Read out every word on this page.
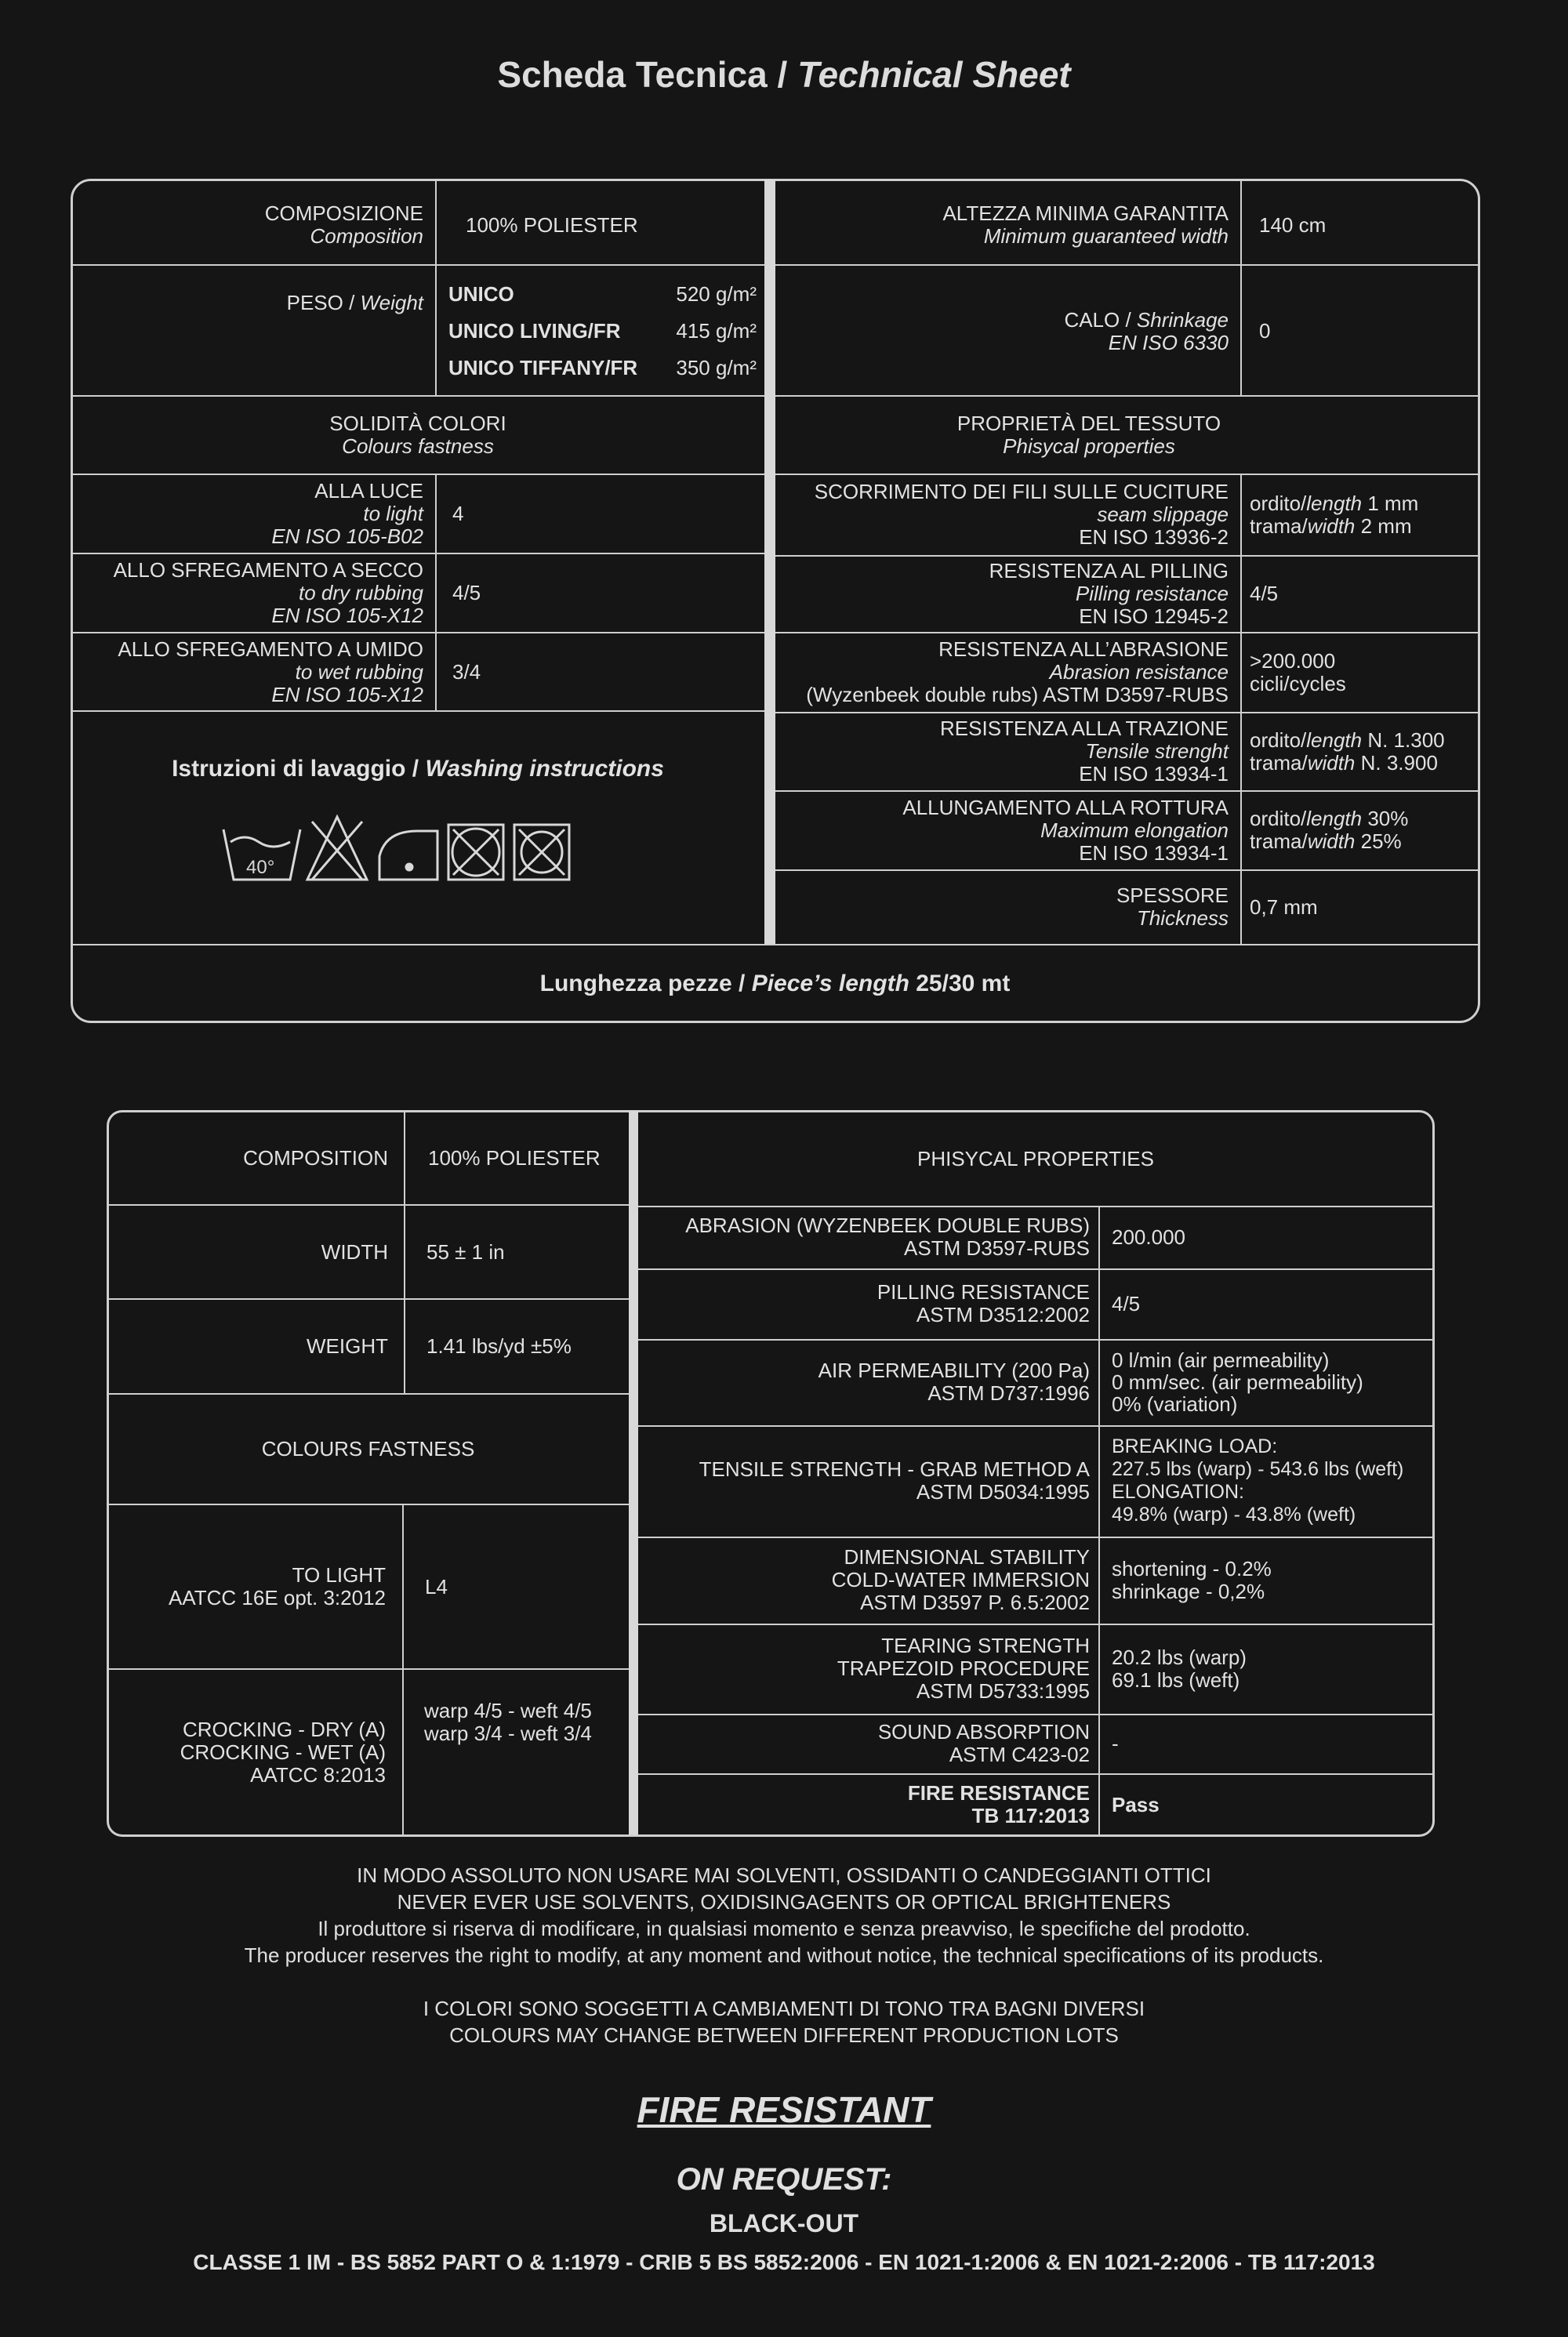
Scheda Tecnica / Technical Sheet
COMPOSIZIONE
Composition 100% POLIESTER
PESO / Weight UNICO	520 g/m²
UNICO LIVING/FR	415 g/m²
UNICO TIFFANY/FR 350 g/m²
SOLIDITÀ COLORI
Colours fastness
ALLA LUCE
to light
EN ISO 105-B02
4
ALLO SFREGAMENTO A SECCO
to dry rubbing
EN ISO 105-X12
4/5
ALLO SFREGAMENTO A UMIDO
to wet rubbing
EN ISO 105-X12
3/4
Istruzioni di lavaggio / Washing instructions
40°
ALTEZZA MINIMA GARANTITA
Minimum guaranteed width 140 cm
CALO / Shrinkage
EN ISO 6330 0
PROPRIETÀ DEL TESSUTO
Phisycal properties
SCORRIMENTO DEI FILI SULLE CUCITURE
seam slippage
EN ISO 13936-2
ordito/length 1 mm
trama/width 2 mm
RESISTENZA AL PILLING
Pilling resistance
EN ISO 12945-2
4/5
RESISTENZA ALL’ABRASIONE
Abrasion resistance
(Wyzenbeek double rubs) ASTM D3597-RUBS
>200.000
cicli/cycles
RESISTENZA ALLA TRAZIONE
Tensile strenght
EN ISO 13934-1
ordito/length N. 1.300
trama/width N. 3.900
ALLUNGAMENTO ALLA ROTTURA
Maximum elongation
EN ISO 13934-1
ordito/length 30%
trama/width 25%
SPESSORE
Thickness 0,7 mm
Lunghezza pezze / Piece’s length 25/30 mt
COMPOSITION 100% POLIESTER
WIDTH 55 ± 1 in
WEIGHT 1.41 lbs/yd ±5%
COLOURS FASTNESS
TO LIGHT
AATCC 16E opt. 3:2012 L4
CROCKING - DRY (A)
CROCKING - WET (A)
AATCC 8:2013
warp 4/5 - weft 4/5
warp 3/4 - weft 3/4
PHISYCAL PROPERTIES
ABRASION (WYZENBEEK DOUBLE RUBS)
ASTM D3597-RUBS 200.000
PILLING RESISTANCE
ASTM D3512:2002 4/5
AIR PERMEABILITY (200 Pa)
ASTM D737:1996
0 l/min (air permeability)
0 mm/sec. (air permeability)
0% (variation)
TENSILE STRENGTH - GRAB METHOD A
ASTM D5034:1995
BREAKING LOAD:
227.5 lbs (warp) - 543.6 lbs (weft)
ELONGATION:
49.8% (warp) - 43.8% (weft)
DIMENSIONAL STABILITY
COLD-WATER IMMERSION
ASTM D3597 P. 6.5:2002
shortening - 0.2%
shrinkage - 0,2%
TEARING STRENGTH
TRAPEZOID PROCEDURE
ASTM D5733:1995
20.2 lbs (warp)
69.1 lbs (weft)
SOUND ABSORPTION
ASTM C423-02 -
FIRE RESISTANCE
TB 117:2013 Pass
IN MODO ASSOLUTO NON USARE MAI SOLVENTI, OSSIDANTI O CANDEGGIANTI OTTICI
NEVER EVER USE SOLVENTS, OXIDISINGAGENTS OR OPTICAL BRIGHTENERS
Il produttore si riserva di modificare, in qualsiasi momento e senza preavviso, le specifiche del prodotto.
The producer reserves the right to modify, at any moment and without notice, the technical specifications of its products.
I COLORI SONO SOGGETTI A CAMBIAMENTI DI TONO TRA BAGNI DIVERSI
COLOURS MAY CHANGE BETWEEN DIFFERENT PRODUCTION LOTS
FIRE RESISTANT
ON REQUEST:
BLACK-OUT
CLASSE 1 IM - BS 5852 PART O & 1:1979 - CRIB 5 BS 5852:2006 - EN 1021-1:2006 & EN 1021-2:2006 - TB 117:2013
